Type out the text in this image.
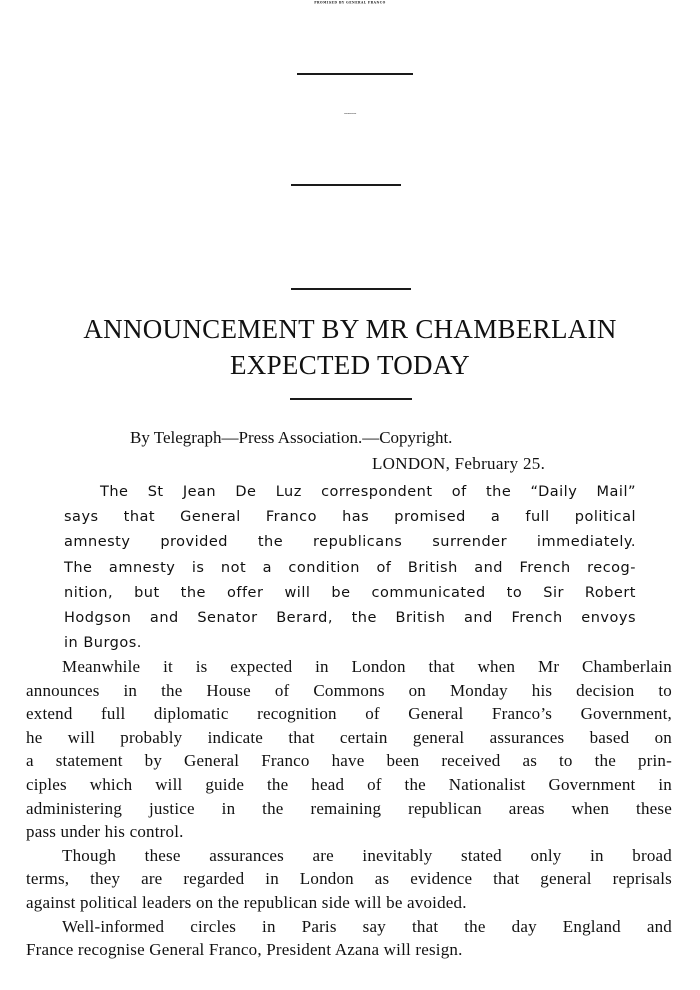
PROMISED BY GENERAL FRANCO
If Spanish Loyalists Surrender Immediately
ANNOUNCEMENT BY MR CHAMBERLAIN
EXPECTED TODAY
By Telegraph—Press Association.—Copyright.
LONDON, February 25.
The St Jean De Luz correspondent of the “Daily Mail”
says that General Franco has promised a full political
amnesty provided the republicans surrender immediately.
The amnesty is not a condition of British and French recog-
nition, but the offer will be communicated to Sir Robert
Hodgson and Senator Berard, the British and French envoys
in Burgos.
Meanwhile it is expected in London that when Mr Chamberlain
announces in the House of Commons on Monday his decision to
extend full diplomatic recognition of General Franco’s Government,
he will probably indicate that certain general assurances based on
a statement by General Franco have been received as to the prin-
ciples which will guide the head of the Nationalist Government in
administering justice in the remaining republican areas when these
pass under his control.
Though these assurances are inevitably stated only in broad
terms, they are regarded in London as evidence that general reprisals
against political leaders on the republican side will be avoided.
Well-informed circles in Paris say that the day England and
France recognise General Franco, President Azana will resign.
